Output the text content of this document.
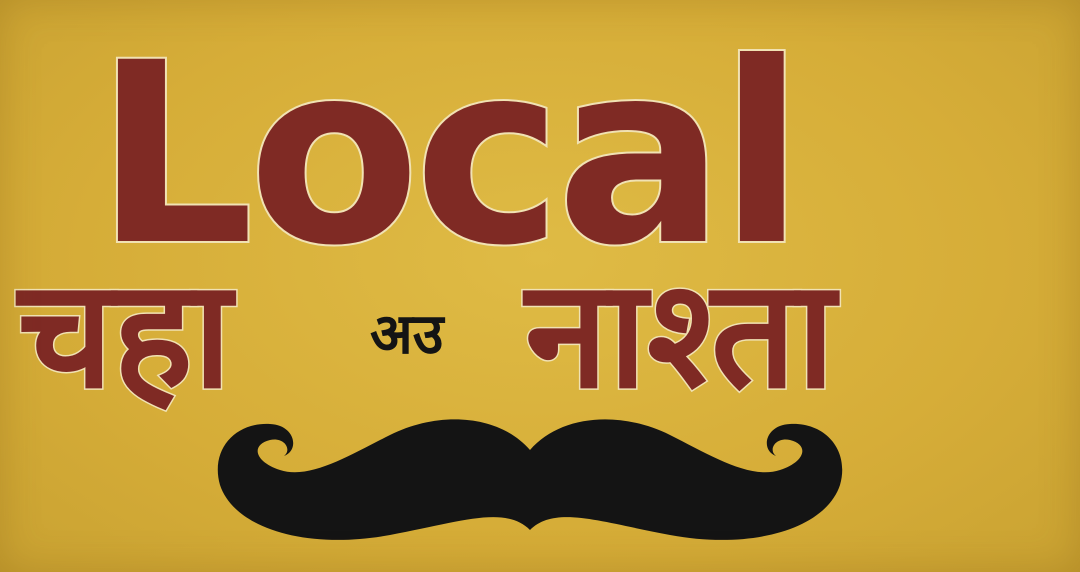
Local
चहा अउ नाश्ता
